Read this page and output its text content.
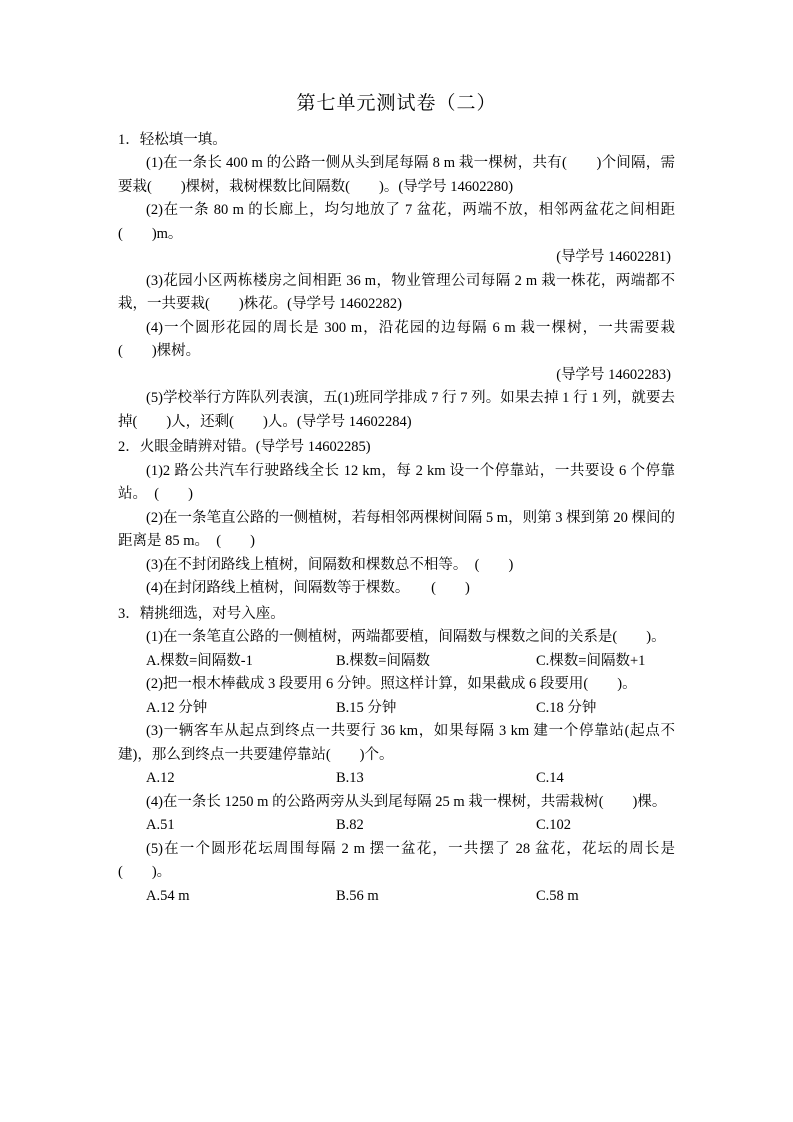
第七单元测试卷（二）

1．轻松填一填。

(1)在一条长 400 m 的公路一侧从头到尾每隔 8 m 栽一棵树，共有(　　)个间隔，需要栽(　　)棵树，栽树棵数比间隔数(　　)。(导学号 14602280)

(2)在一条 80 m 的长廊上，均匀地放了 7 盆花，两端不放，相邻两盆花之间相距(　　)m。

(导学号 14602281)

(3)花园小区两栋楼房之间相距 36 m，物业管理公司每隔 2 m 栽一株花，两端都不栽，一共要栽(　　)株花。(导学号 14602282)

(4)一个圆形花园的周长是 300 m，沿花园的边每隔 6 m 栽一棵树，一共需要栽(　　)棵树。

(导学号 14602283)

(5)学校举行方阵队列表演，五(1)班同学排成 7 行 7 列。如果去掉 1 行 1 列，就要去掉(　　)人，还剩(　　)人。(导学号 14602284)

2．火眼金睛辨对错。(导学号 14602285)

(1)2 路公共汽车行驶路线全长 12 km，每 2 km 设一个停靠站，一共要设 6 个停靠站。　(　　)

(2)在一条笔直公路的一侧植树，若每相邻两棵树间隔 5 m，则第 3 棵到第 20 棵间的距离是 85 m。　(　　)

(3)在不封闭路线上植树，间隔数和棵数总不相等。　(　　)

(4)在封闭路线上植树，间隔数等于棵数。　　(　　)

3．精挑细选，对号入座。

(1)在一条笔直公路的一侧植树，两端都要植，间隔数与棵数之间的关系是(　　)。

A.棵数=间隔数-1	B.棵数=间隔数	C.棵数=间隔数+1

(2)把一根木棒截成 3 段要用 6 分钟。照这样计算，如果截成 6 段要用(　　)。

A.12 分钟	B.15 分钟	C.18 分钟

(3)一辆客车从起点到终点一共要行 36 km，如果每隔 3 km 建一个停靠站(起点不建)，那么到终点一共要建停靠站(　　)个。

A.12	B.13	C.14

(4)在一条长 1250 m 的公路两旁从头到尾每隔 25 m 栽一棵树，共需栽树(　　)棵。

A.51	B.82	C.102

(5)在一个圆形花坛周围每隔 2 m 摆一盆花，一共摆了 28 盆花，花坛的周长是(　　)。

A.54 m	B.56 m	C.58 m
